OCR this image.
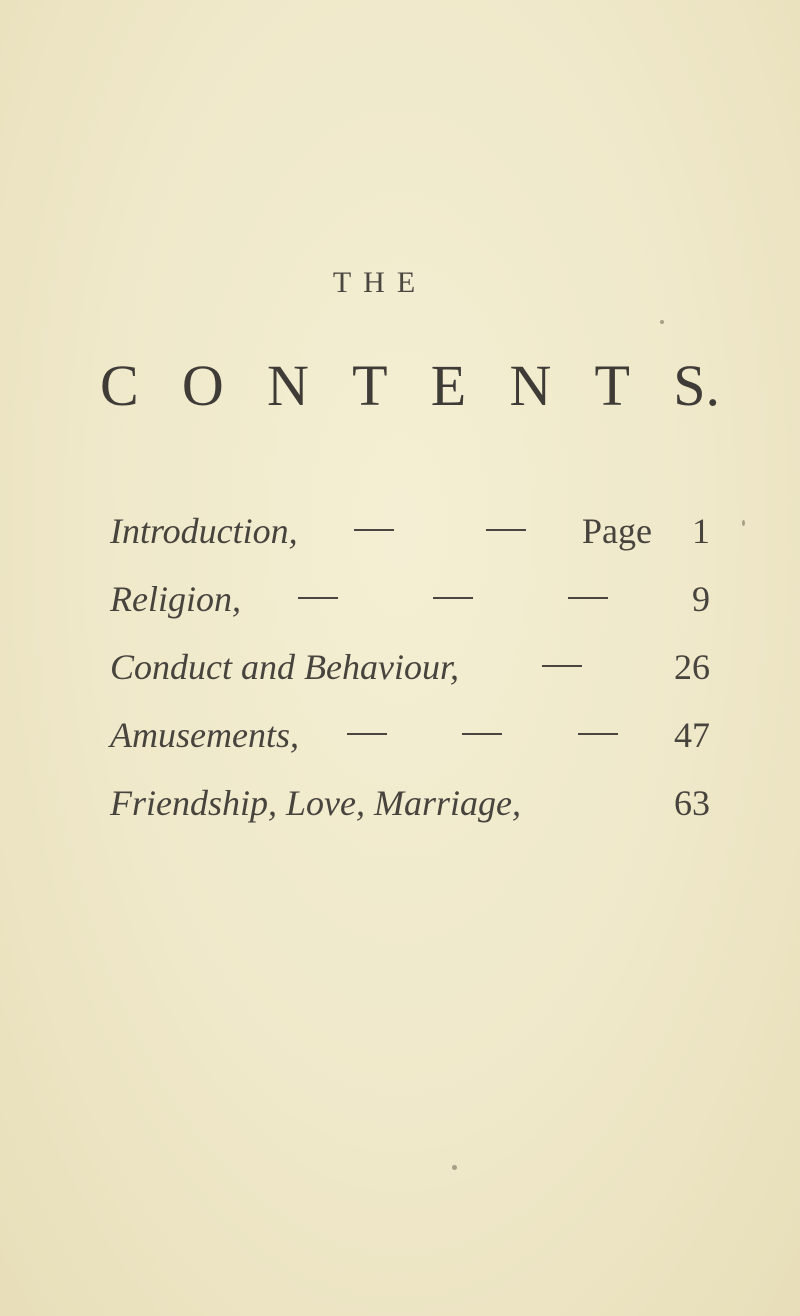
THE
C O N T E N T S.
Introduction,	Page	1
Religion,	9
Conduct and Behaviour,	26
Amusements,	47
Friendship, Love, Marriage,	63
